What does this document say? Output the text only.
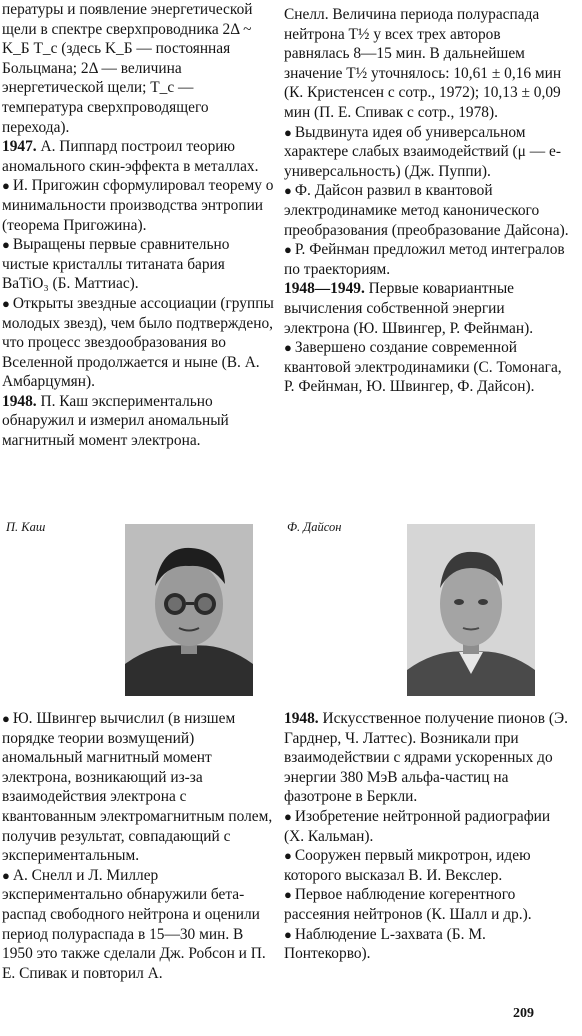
пературы и появление энергетической щели в спектре сверхпроводника 2Δ ~ K_Б T_c (здесь K_Б — постоянная Больцмана; 2Δ — величина энергетической щели; T_c — температура сверхпроводящего перехода).

1947. А. Пиппард построил теорию аномального скин-эффекта в металлах.

● И. Пригожин сформулировал теорему о минимальности производства энтропии (теорема Пригожина).

● Выращены первые сравнительно чистые кристаллы титаната бария BaTiO₃ (Б. Маттиас).

● Открыты звездные ассоциации (группы молодых звезд), чем было подтверждено, что процесс звездообразования во Вселенной продолжается и ныне (В. А. Амбарцумян).

1948. П. Каш экспериментально обнаружил и измерил аномальный магнитный момент электрона.

Снелл. Величина периода полураспада нейтрона T½ у всех трех авторов равнялась 8—15 мин. В дальнейшем значение T½ уточнялось: 10,61 ± 0,16 мин (К. Кристенсен с сотр., 1972); 10,13 ± 0,09 мин (П. Е. Спивак с сотр., 1978).

● Выдвинута идея об универсальном характере слабых взаимодействий (μ — e-универсальность) (Дж. Пуппи).

● Ф. Дайсон развил в квантовой электродинамике метод канонического преобразования (преобразование Дайсона).

● Р. Фейнман предложил метод интегралов по траекториям.

1948—1949. Первые ковариантные вычисления собственной энергии электрона (Ю. Швингер, Р. Фейнман).

● Завершено создание современной квантовой электродинамики (С. Томонага, Р. Фейнман, Ю. Швингер, Ф. Дайсон).

П. Каш	Ф. Дайсон

● Ю. Швингер вычислил (в низшем порядке теории возмущений) аномальный магнитный момент электрона, возникающий из-за взаимодействия электрона с квантованным электромагнитным полем, получив результат, совпадающий с экспериментальным.

● А. Снелл и Л. Миллер экспериментально обнаружили бета-распад свободного нейтрона и оценили период полураспада в 15—30 мин. В 1950 это также сделали Дж. Робсон и П. Е. Спивак и повторил А.

1948. Искусственное получение пионов (Э. Гарднер, Ч. Латтес). Возникали при взаимодействии с ядрами ускоренных до энергии 380 МэВ альфа-частиц на фазотроне в Беркли.

● Изобретение нейтронной радиографии (Х. Кальман).

● Сооружен первый микротрон, идею которого высказал В. И. Векслер.

● Первое наблюдение когерентного рассеяния нейтронов (К. Шалл и др.).

● Наблюдение L-захвата (Б. М. Понтекорво).

209
